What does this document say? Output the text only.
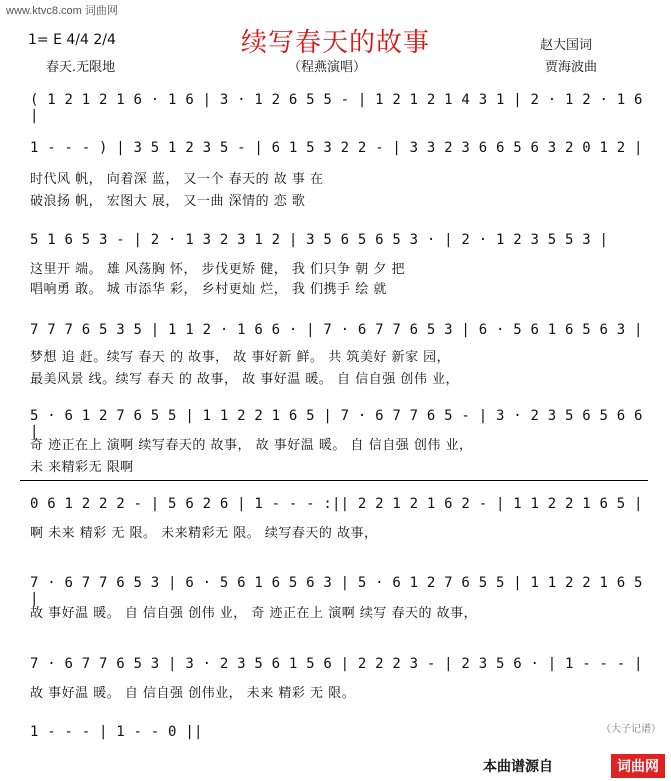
www.ktvc8.com 词曲网
续写春天的故事
1= E 4/4 2/4	赵大国词
贾海波曲
春天.无限地	（程燕演唱）
( 1 2 1 2 1 6 · 1 6 | 3 · 1 2 6 5 5 - | 1 2 1 2 1 4 3 1 | 2 · 1 2 · 1 6 |
1 - - - ) | 3 5 1 2 3 5 - | 6 1 5 3 2 2 - | 3 3 2 3 6 6 5 6 3 2 0 1 2 |
时代风 帆， 向着深 蓝， 又一个 春天的 故 事 在
破浪扬 帆， 宏图大 展， 又一曲 深情的 恋 歌
5 1 6 5 3 - | 2 · 1 3 2 3 1 2 | 3 5 6 5 6 5 3 · | 2 · 1 2 3 5 5 3 |
这里开 端。 雄 风荡胸 怀， 步伐更矫 健， 我 们只争 朝 夕 把
唱响勇 敢。 城 市添华 彩， 乡村更灿 烂， 我 们携手 绘 就
7 7 7 6 5 3 5 | 1 1 2 · 1 6 6 · | 7 · 6 7 7 6 5 3 | 6 · 5 6 1 6 5 6 3 |
梦想 追 赶。续写 春天 的 故事， 故 事好新 鲜。 共 筑美好 新家 园，
最美风景 线。续写 春天 的 故事， 故 事好温 暖。 自 信自强 创伟 业，
5 · 6 1 2 7 6 5 5 | 1 1 2 2 1 6 5 | 7 · 6 7 7 6 5 - | 3 · 2 3 5 6 5 6 6 |
奇 迹正在上 演啊 续写春天的 故事， 故 事好温 暖。 自 信自强 创伟 业，
未 来精彩无 限啊
0 6 1 2 2 2 - | 5 6 2 6 | 1 - - - :|| 2 2 1 2 1 6 2 - | 1 1 2 2 1 6 5 |
啊 未来 精彩 无 限。 未来精彩无 限。 续写春天的 故事，
7 · 6 7 7 6 5 3 | 6 · 5 6 1 6 5 6 3 | 5 · 6 1 2 7 6 5 5 | 1 1 2 2 1 6 5 |
故 事好温 暖。 自 信自强 创伟 业， 奇 迹正在上 演啊 续写 春天的 故事，
7 · 6 7 7 6 5 3 | 3 · 2 3 5 6 1 5 6 | 2 2 2 3 - | 2 3 5 6 · | 1 - - - |
故 事好温 暖。 自 信自强 创伟业， 未来 精彩 无 限。
1 - - - | 1 - - 0 ||	（大子记谱）
本曲谱源自	词曲网
